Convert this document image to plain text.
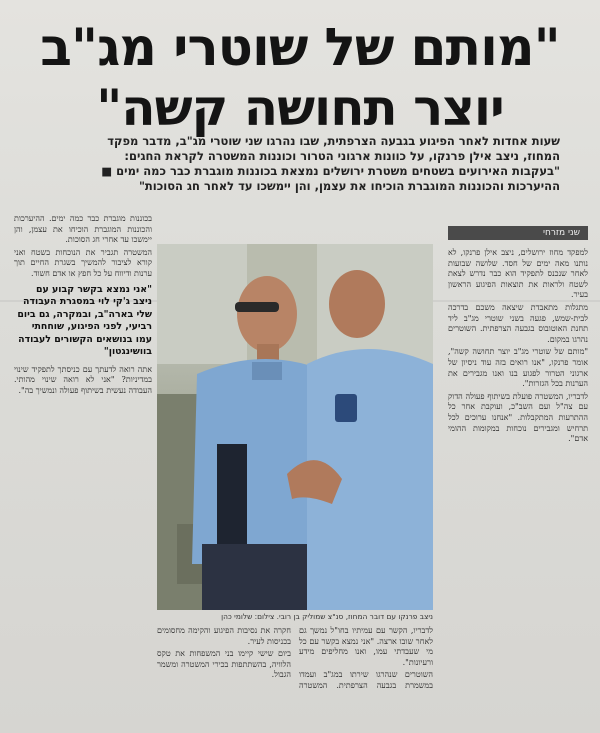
"מותם של שוטרי מג"ב
יוצר תחושה קשה"
שעות אחדות לאחר הפיגוע בגבעה הצרפתית, שבו נהרגו שני שוטרי מג"ב, מדבר מפקד המחוז, ניצב אילן פרנקו, על כוונות ארגוני הטרור וכוננות המשטרה לקראת החגים: "בעקבות האירועים בשטחים משטרת ירושלים נמצאת בכוננות מוגברת כבר כמה ימים ■ ההיערכות והכוננות המוגברת הוכיחו את עצמן, והן יימשכו עד לאחר חג הסוכות"
שני מזרחי

למפקד מחוז ירושלים, ניצב אילן פרנקו, לא נותנו מאה ימים של חסד. שלושה שבועות לאחר שנכנס לתפקיד הוא כבר נדרש לצאת לשטח ולראות את תוצאות הפיגוע הראשון בעיר.

מתגלות מתאבדת שיצאה משכם בדרכה לבית-שמש, פגעה בשני שוטרי מג"ב ליד תחנת האוטובוס בגבעה הצרפתית. השוטרים נהרגו במקום.

"מותם של שוטרי מג"ב יוצר תחושה קשה", אומר פרנקו, "אנו רואים בזה עוד ניסיון של ארגוני הטרור לפגוע בנו ואנו מגבירים את הערנות בכל הגזרות".

לדבריו, המשטרה פועלת בשיתוף פעולה הדוק עם צה"ל ועם השב"כ, ועוקבת אחר כל ההתרעות המתקבלות. "אנחנו ערוכים לכל תרחיש ומגבירים נוכחות במקומות ההומי אדם".

ניצב פרנקו עם דובר המחוז, סנ"צ שמוליק בן רובי. צילום: שלומי כהן

בכוננות מוגברת כבר כמה ימים. ההיערכות והכוננות המוגברת הוכיחו את עצמן, והן יימשכו עד אחרי חג הסוכות.

המשטרה תגביר את הנוכחות בשטח ואני קורא לציבור להמשיך בשגרת החיים תוך ערנות ודיווח על כל חפץ או אדם חשוד.

"אני נמצא בקשר קבוע עם ניצב ג'קי לוי במסגרת העבודה שלי בארה"ב, ובמקרה, גם ביום רביעי, לפני הפיגוע, שוחחתי עמו בנושאים הקשורים לעבודה בוושינגטון"

אתה רואה לדעתך עם כניסתך לתפקיד שינוי במדיניות? "אני לא רואה שינוי מהותי. העבודה נעשית בשיתוף פעולה ונמשיך בה".

לדבריו, הקשר עם עמיתיו בחו"ל נמשך גם לאחר שובו ארצה. "אני נמצא בקשר עם כל מי שעבדתי עמו, ואנו מחליפים מידע ורעיונות".

השוטרים שנהרגו שירתו במג"ב ועמדו במשמרת בגבעה הצרפתית. המשטרה חקרה את נסיבות הפיגוע והקימה מחסומים בכניסות לעיר.

ביום שישי קיימו בני המשפחות את טקס הלוויה, בהשתתפות בכירי המשטרה ומשמר הגבול.
